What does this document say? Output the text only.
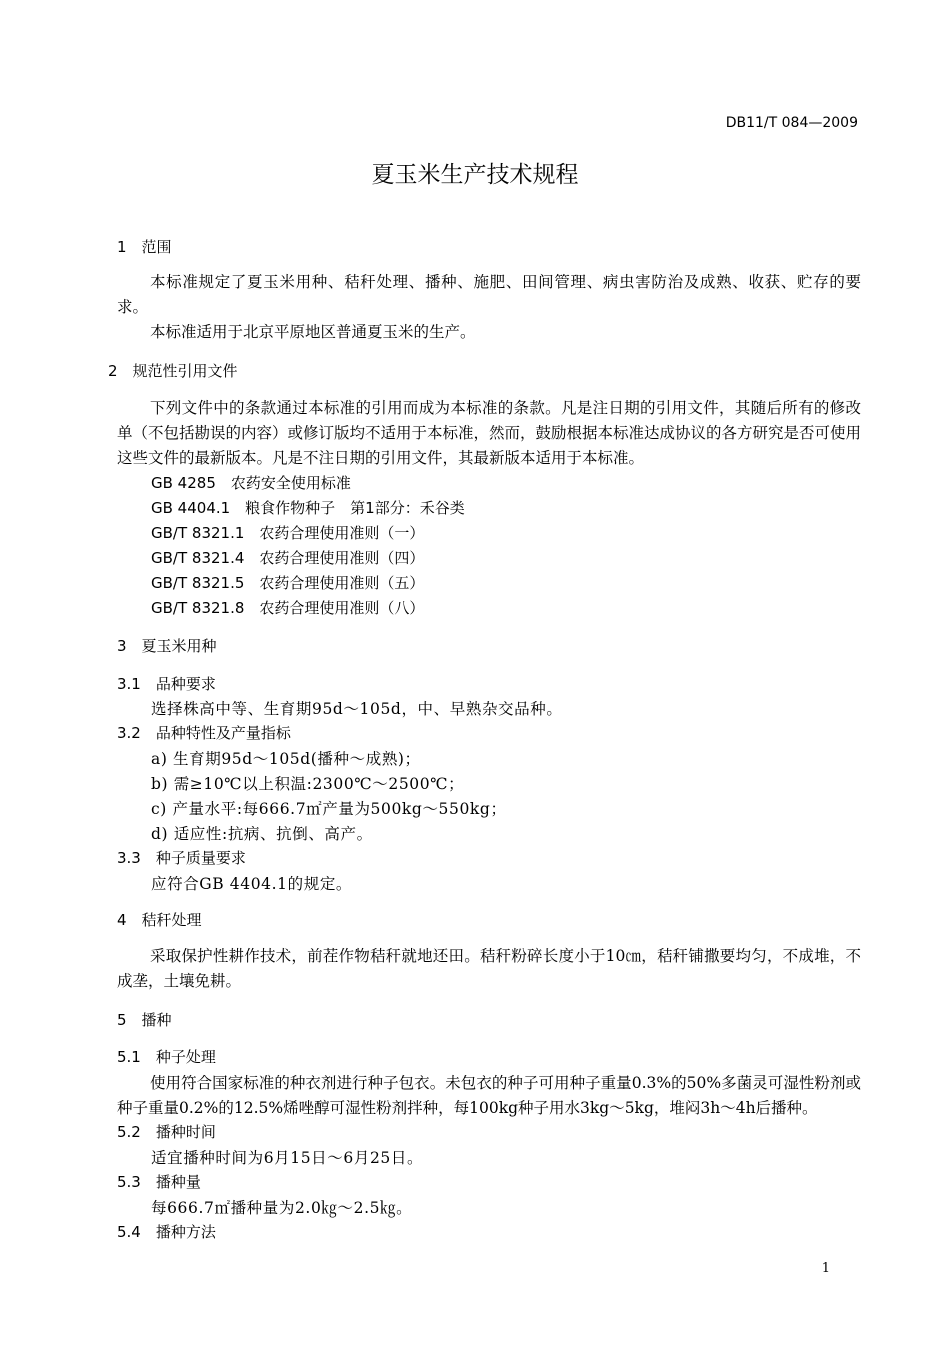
DB11/T 084—2009
夏玉米生产技术规程
1　范围
本标准规定了夏玉米用种、秸秆处理、播种、施肥、田间管理、病虫害防治及成熟、收获、贮存的要求。
本标准适用于北京平原地区普通夏玉米的生产。
2　规范性引用文件
下列文件中的条款通过本标准的引用而成为本标准的条款。凡是注日期的引用文件，其随后所有的修改单（不包括勘误的内容）或修订版均不适用于本标准，然而，鼓励根据本标准达成协议的各方研究是否可使用这些文件的最新版本。凡是不注日期的引用文件，其最新版本适用于本标准。
GB 4285　农药安全使用标准
GB 4404.1　粮食作物种子　第1部分：禾谷类
GB/T 8321.1　农药合理使用准则（一）
GB/T 8321.4　农药合理使用准则（四）
GB/T 8321.5　农药合理使用准则（五）
GB/T 8321.8　农药合理使用准则（八）
3　夏玉米用种
3.1　品种要求
选择株高中等、生育期95d～105d，中、早熟杂交品种。
3.2　品种特性及产量指标
a) 生育期95d～105d(播种～成熟)；
b) 需≥10℃以上积温:2300℃～2500℃；
c) 产量水平:每666.7㎡产量为500kg～550kg；
d) 适应性:抗病、抗倒、高产。
3.3　种子质量要求
应符合GB 4404.1的规定。
4　秸秆处理
采取保护性耕作技术，前茬作物秸秆就地还田。秸秆粉碎长度小于10㎝，秸秆铺撒要均匀，不成堆，不成垄，土壤免耕。
5　播种
5.1　种子处理
使用符合国家标准的种衣剂进行种子包衣。未包衣的种子可用种子重量0.3%的50%多菌灵可湿性粉剂或种子重量0.2%的12.5%烯唑醇可湿性粉剂拌种，每100kg种子用水3kg～5kg，堆闷3h～4h后播种。
5.2　播种时间
适宜播种时间为6月15日～6月25日。
5.3　播种量
每666.7㎡播种量为2.0㎏～2.5㎏。
5.4　播种方法
1
